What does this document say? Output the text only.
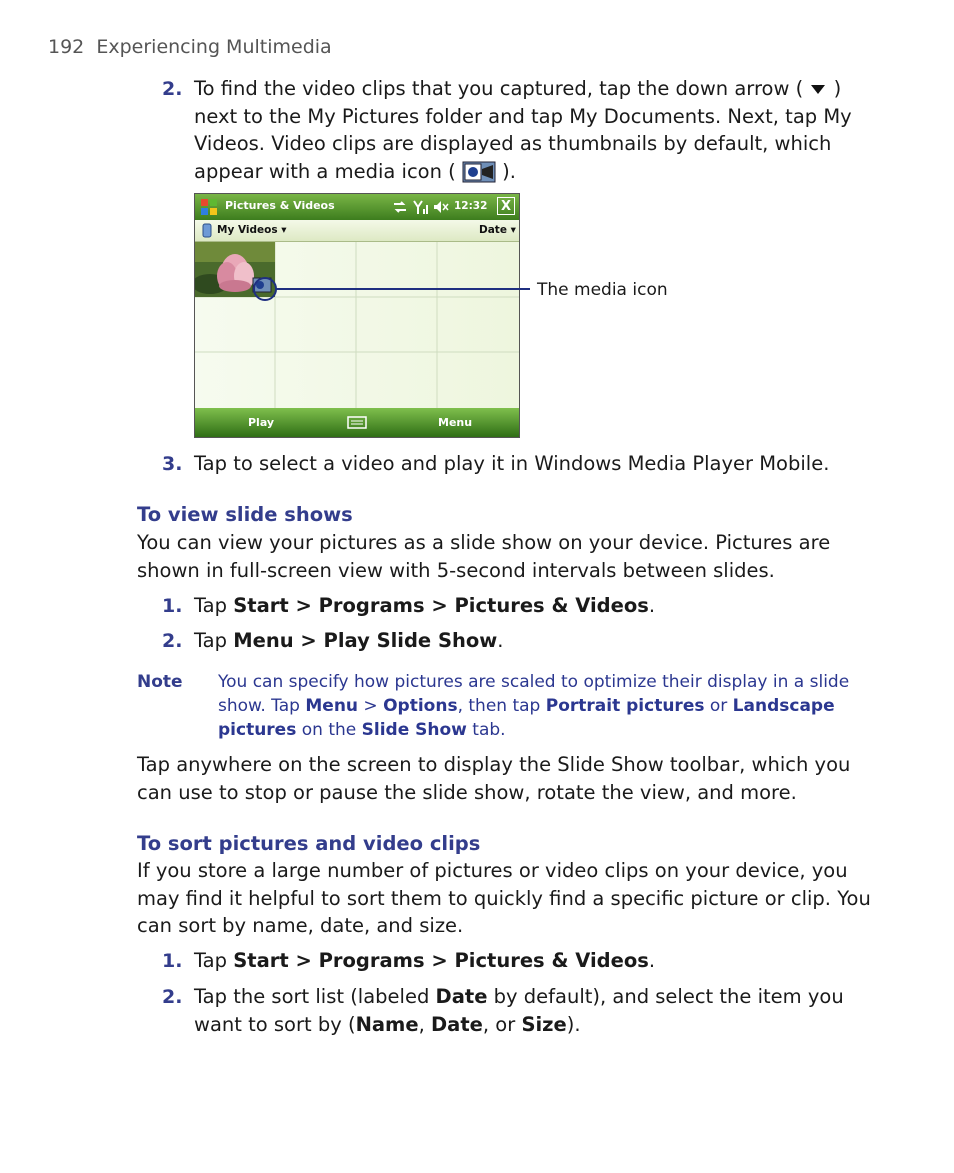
192 Experiencing Multimedia
2. To find the video clips that you captured, tap the down arrow ( )
next to the My Pictures folder and tap My Documents. Next, tap My
Videos. Video clips are displayed as thumbnails by default, which
appear with a media icon ( ).
Pictures & Videos	12:32	X
My Videos ▾	Date ▾
Play	Menu
The media icon
3. Tap to select a video and play it in Windows Media Player Mobile.
To view slide shows
You can view your pictures as a slide show on your device. Pictures are
shown in full-screen view with 5-second intervals between slides.
1. Tap Start > Programs > Pictures & Videos.
2. Tap Menu > Play Slide Show.
Note You can specify how pictures are scaled to optimize their display in a slide
show. Tap Menu > Options, then tap Portrait pictures or Landscape
pictures on the Slide Show tab.
Tap anywhere on the screen to display the Slide Show toolbar, which you
can use to stop or pause the slide show, rotate the view, and more.
To sort pictures and video clips
If you store a large number of pictures or video clips on your device, you
may find it helpful to sort them to quickly find a specific picture or clip. You
can sort by name, date, and size.
1. Tap Start > Programs > Pictures & Videos.
2. Tap the sort list (labeled Date by default), and select the item you
want to sort by (Name, Date, or Size).
